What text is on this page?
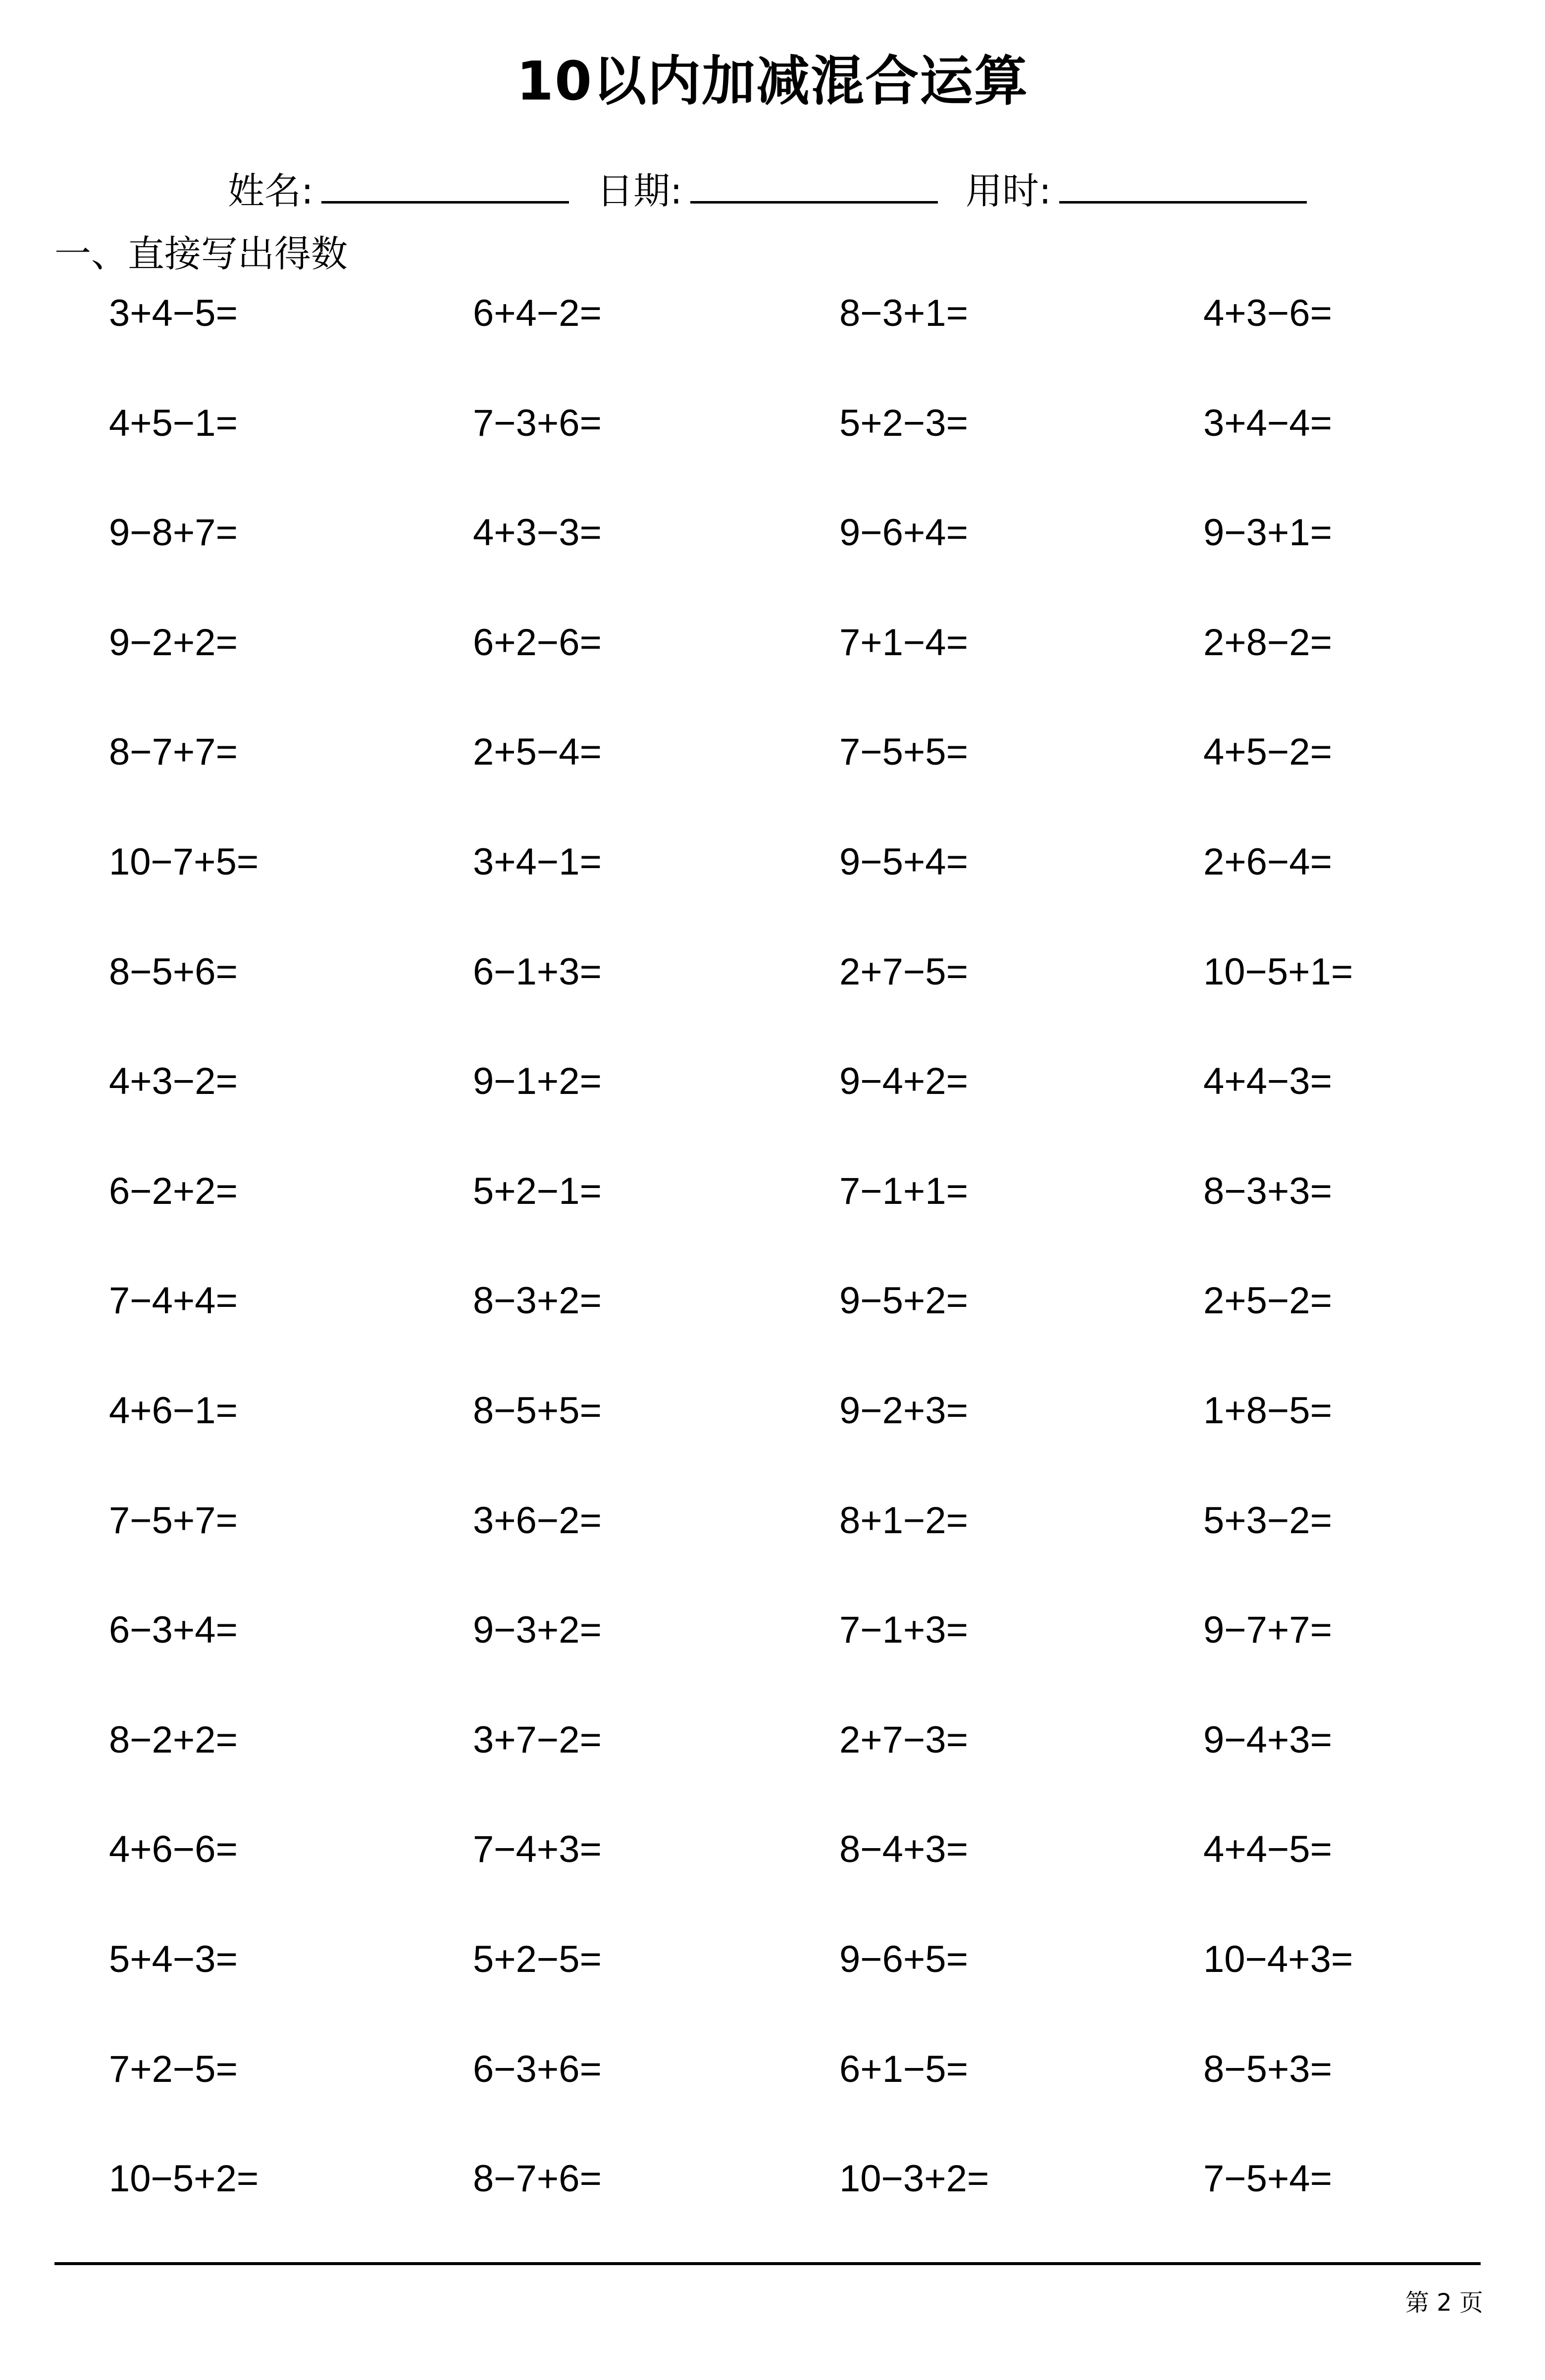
10以内加减混合运算
姓名:	日期:	用时:
一、直接写出得数
3+4−5=	6+4−2=	8−3+1=	4+3−6=
4+5−1=	7−3+6=	5+2−3=	3+4−4=
9−8+7=	4+3−3=	9−6+4=	9−3+1=
9−2+2=	6+2−6=	7+1−4=	2+8−2=
8−7+7=	2+5−4=	7−5+5=	4+5−2=
10−7+5=	3+4−1=	9−5+4=	2+6−4=
8−5+6=	6−1+3=	2+7−5=	10−5+1=
4+3−2=	9−1+2=	9−4+2=	4+4−3=
6−2+2=	5+2−1=	7−1+1=	8−3+3=
7−4+4=	8−3+2=	9−5+2=	2+5−2=
4+6−1=	8−5+5=	9−2+3=	1+8−5=
7−5+7=	3+6−2=	8+1−2=	5+3−2=
6−3+4=	9−3+2=	7−1+3=	9−7+7=
8−2+2=	3+7−2=	2+7−3=	9−4+3=
4+6−6=	7−4+3=	8−4+3=	4+4−5=
5+4−3=	5+2−5=	9−6+5=	10−4+3=
7+2−5=	6−3+6=	6+1−5=	8−5+3=
10−5+2=	8−7+6=	10−3+2=	7−5+4=
第 2 页
